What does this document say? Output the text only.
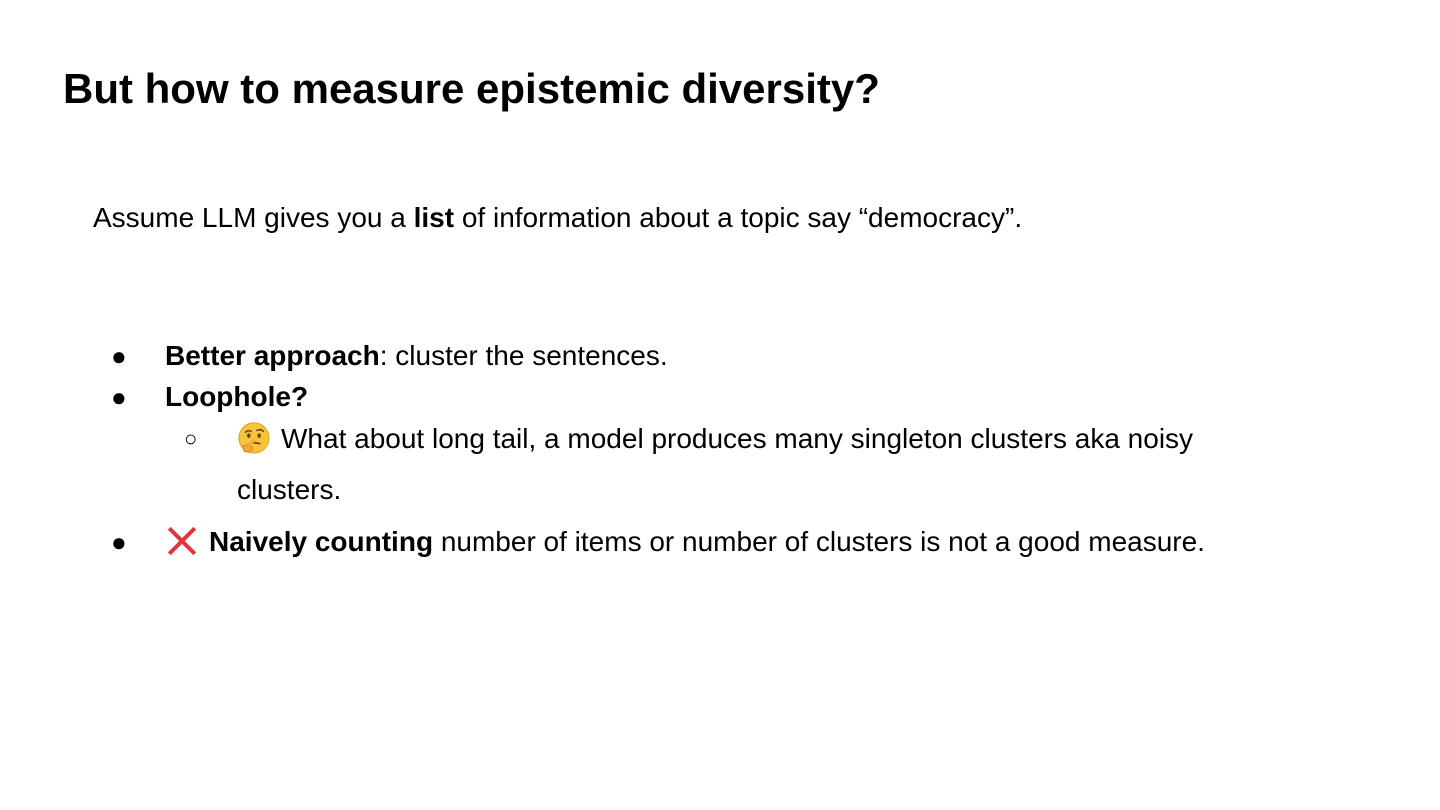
But how to measure epistemic diversity?
Assume LLM gives you a list of information about a topic say “democracy”.
● Better approach: cluster the sentences.
● Loophole?
○	What about long tail, a model produces many singleton clusters aka noisy
clusters.
●	Naively counting number of items or number of clusters is not a good measure.
